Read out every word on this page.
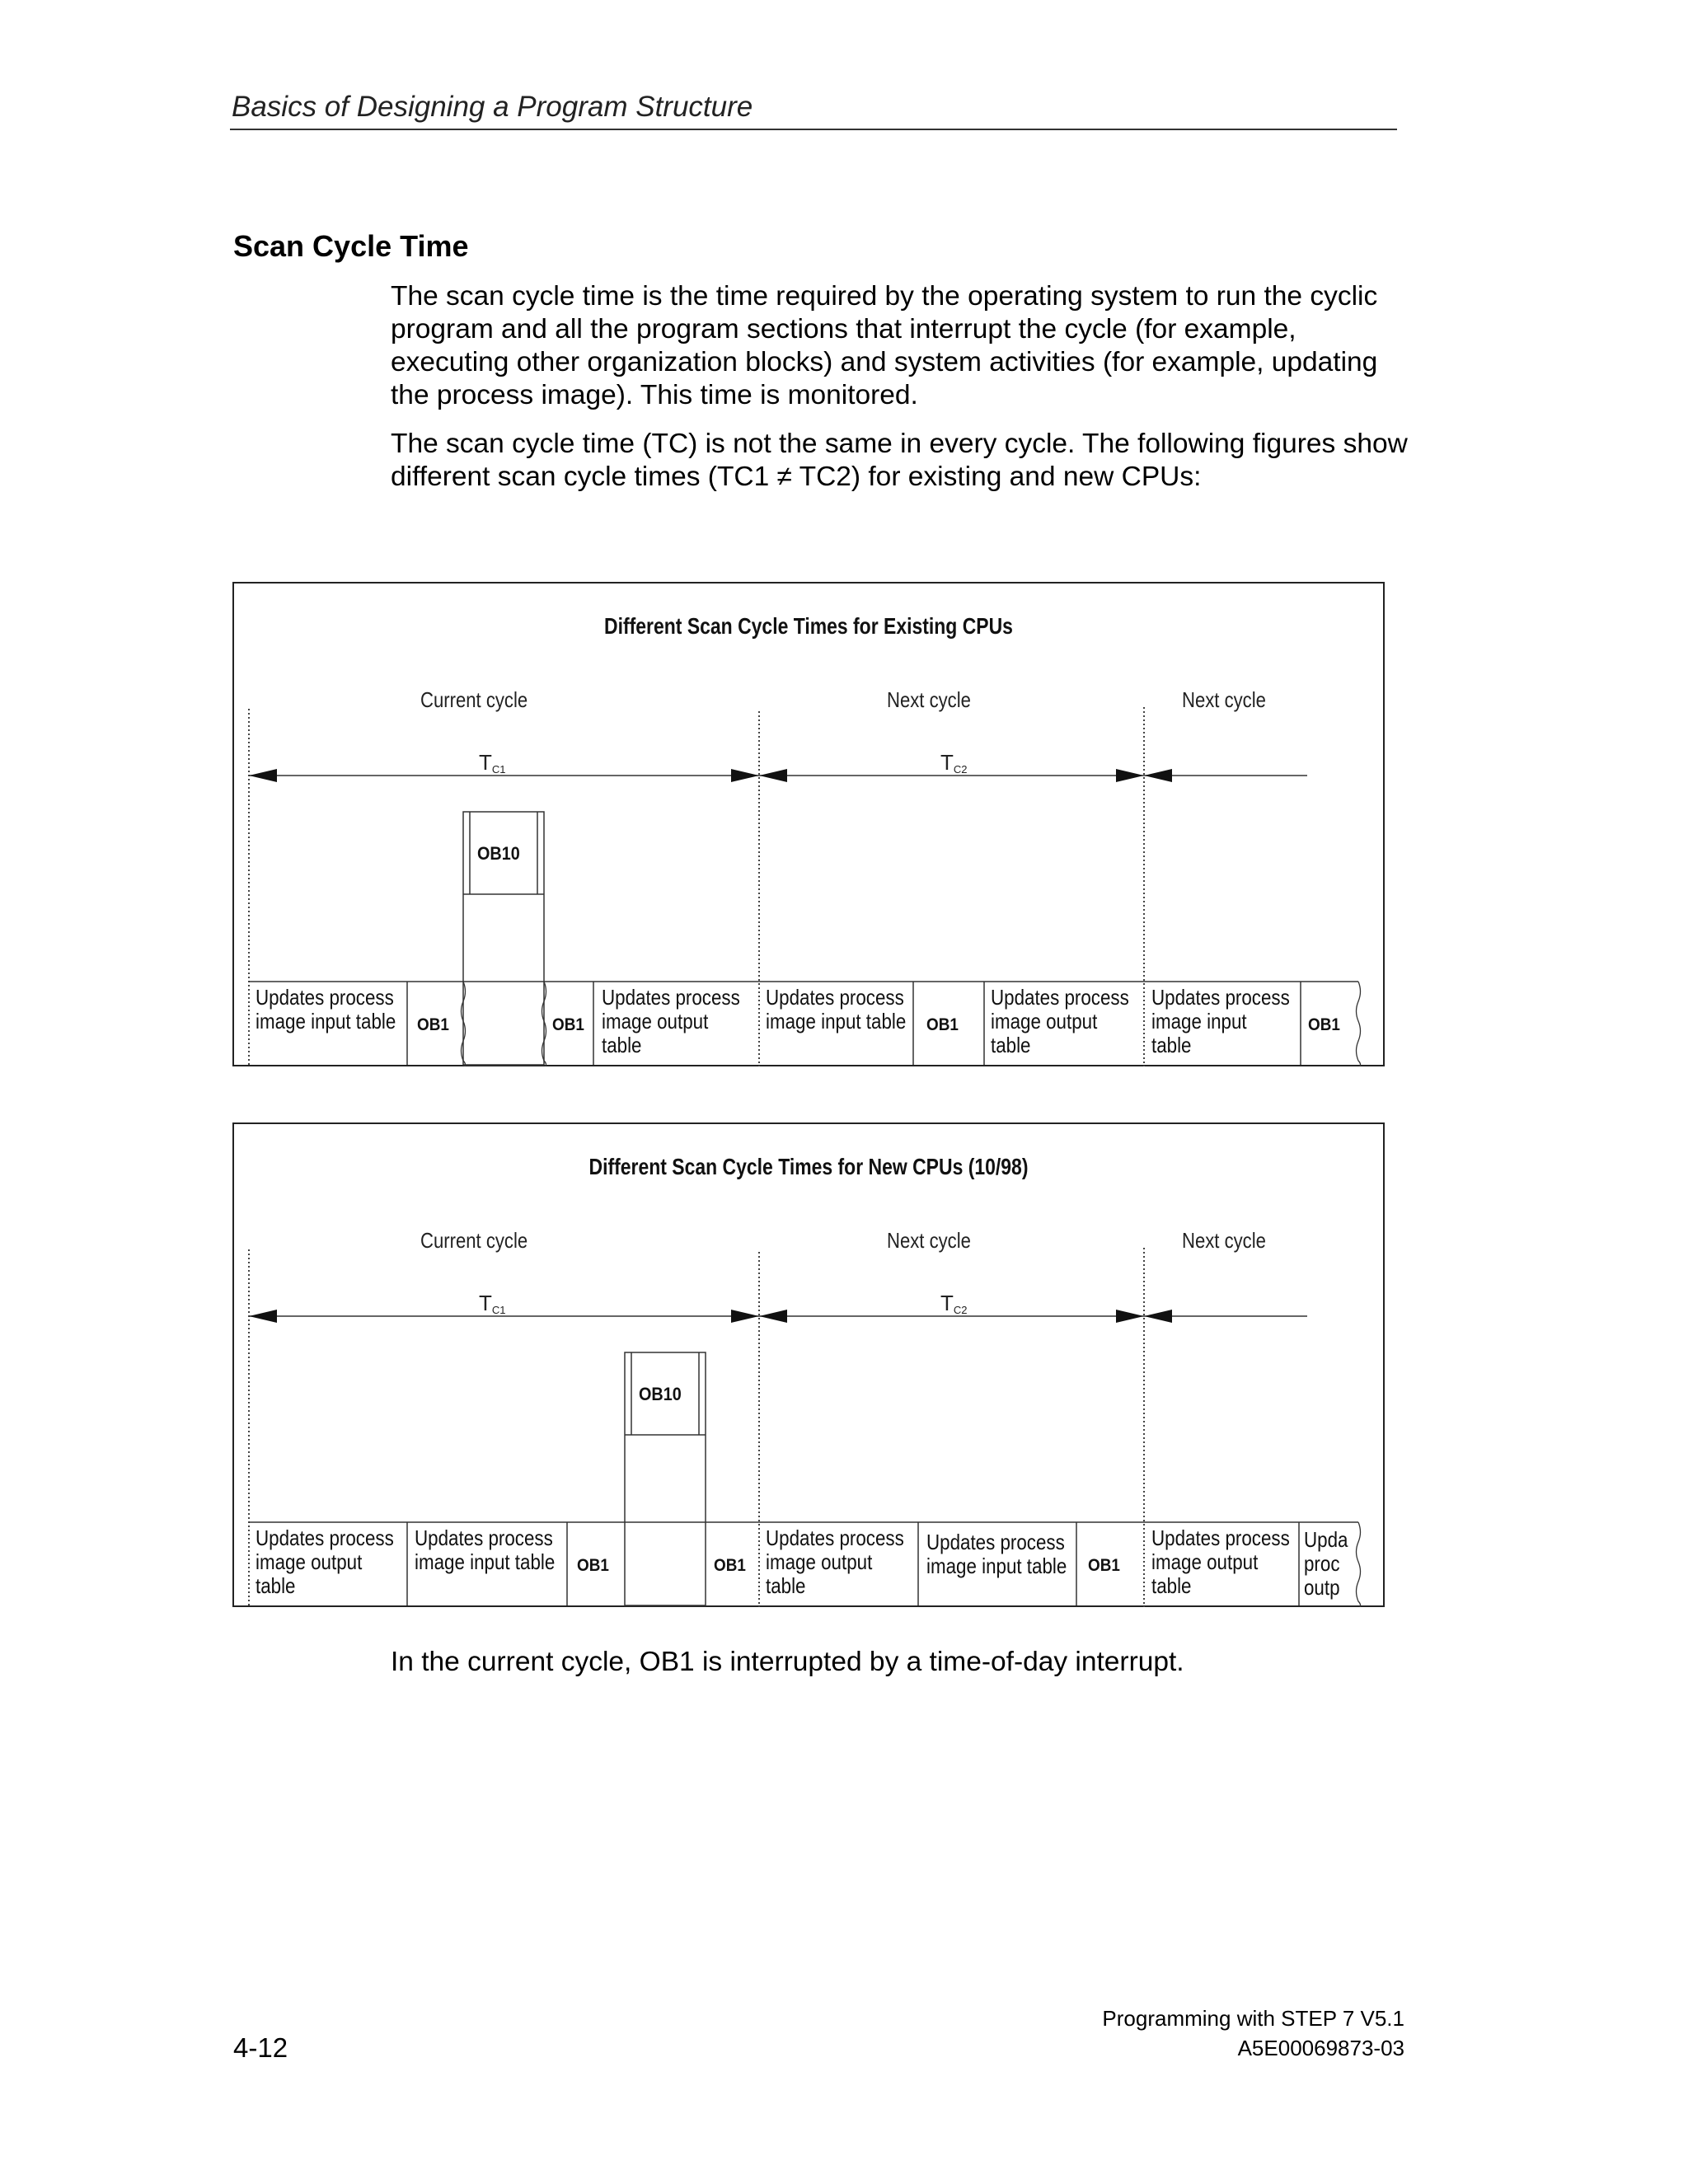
Basics of Designing a Program Structure
Scan Cycle Time
The scan cycle time is the time required by the operating system to run the cyclic program and all the program sections that interrupt the cycle (for example, executing other organization blocks) and system activities (for example, updating the process image). This time is monitored.
The scan cycle time (TC) is not the same in every cycle. The following figures show different scan cycle times (TC1 ≠ TC2) for existing and new CPUs:
Different Scan Cycle Times for Existing CPUs
Current cycle	Next cycle	Next cycle
$T_{C1}$	$T_{C2}$
OB10
Updates process
image input table OB1	OB1
Updates process
image output
table
Updates process
image input table OB1
Updates process
image output
table
Updates process
image input
table
OB1
Different Scan Cycle Times for New CPUs (10/98)
Current cycle	Next cycle	Next cycle
$T_{C1}$	$T_{C2}$
OB10
Updates process
image output
table
Updates process
image input table OB1	OB1
Updates process
image output
table
Updates process
image input table OB1
Updates process
image output
table
Upda
proc
outp
In the current cycle, OB1 is interrupted by a time-of-day interrupt.
Programming with STEP 7 V5.1
A5E00069873-03
4-12
